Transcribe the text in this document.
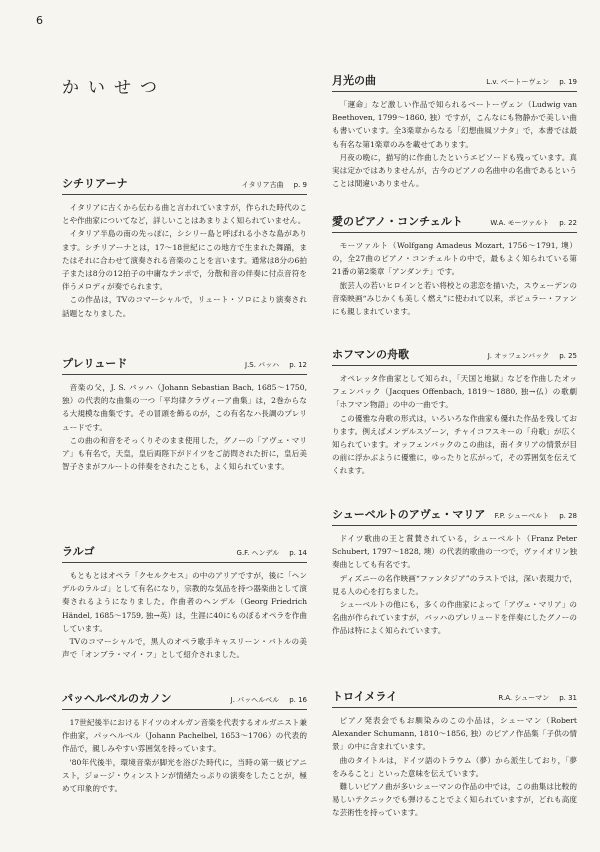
6
かいせつ
シチリアーナ	イタリア古曲 p. 9

イタリアに古くから伝わる曲と言われていますが，作られた時代のことや作曲家についてなど，詳しいことはあまりよく知られていません。

イタリア半島の南の先っぽに，シシリー島と呼ばれる小さな島があります。シチリアーナとは，17～18世紀にこの地方で生まれた舞踊，またはそれに合わせて演奏される音楽のことを言います。通常は8分の6拍子または8分の12拍子の中庸なテンポで，分散和音の伴奏に付点音符を伴うメロディが奏でられます。

この作品は，TVのコマーシャルで，リュート・ソロにより演奏され話題となりました。

プレリュード	J.S. バッハ p. 12

音楽の父，J. S. バッハ（Johann Sebastian Bach, 1685～1750, 独）の代表的な曲集の一つ「平均律クラヴィーア曲集」は，2巻からなる大規模な曲集です。その冒頭を飾るのが，この有名なハ長調のプレリュードです。

この曲の和音をそっくりそのまま使用した，グノーの「アヴェ・マリア」も有名で，天皇，皇后両陛下がドイツをご訪問された折に，皇后美智子さまがフルートの伴奏をされたことも，よく知られています。

ラルゴ	G.F. ヘンデル p. 14

もともとはオペラ「クセルクセス」の中のアリアですが，後に「ヘンデルのラルゴ」として有名になり，宗教的な気品を持つ器楽曲として演奏されるようになりました。作曲者のヘンデル（Georg Friedrich Händel, 1685～1759, 独→英）は，生涯に40にものぼるオペラを作曲しています。

TVのコマーシャルで，黒人のオペラ歌手キャスリーン・バトルの美声で「オンブラ・マイ・フ」として紹介されました。

パッヘルベルのカノン	J. パッヘルベル p. 16

17世紀後半におけるドイツのオルガン音楽を代表するオルガニスト兼作曲家，パッヘルベル（Johann Pachelbel, 1653～1706）の代表的作品で，親しみやすい雰囲気を持っています。

'80年代後半，環境音楽が脚光を浴びた時代に，当時の第一級ピアニスト，ジョージ・ウィンストンが情緒たっぷりの演奏をしたことが，極めて印象的です。

月光の曲	L.v. ベートーヴェン p. 19

「運命」など激しい作品で知られるベートーヴェン（Ludwig van Beethoven, 1799～1860, 独）ですが，こんなにも物静かで美しい曲も書いています。全3楽章からなる「幻想曲風ソナタ」で，本書では最も有名な第1楽章のみを載せてあります。

月夜の晩に，描写的に作曲したというエピソードも残っています。真実は定かではありませんが，古今のピアノの名曲中の名曲であるということは間違いありません。

愛のピアノ・コンチェルト	W.A. モーツァルト p. 22

モーツァルト（Wolfgang Amadeus Mozart, 1756～1791, 墺）の，全27曲のピアノ・コンチェルトの中で，最もよく知られている第21番の第2楽章「アンダンテ」です。

旅芸人の若いヒロインと若い将校との悲恋を描いた，スウェーデンの音楽映画“みじかくも美しく燃え”に使われて以来，ポピュラー・ファンにも親しまれています。

ホフマンの舟歌	J. オッフェンバック p. 25

オペレッタ作曲家として知られ，「天国と地獄」などを作曲したオッフェンバック（Jacques Offenbach, 1819～1880, 独→仏）の歌劇「ホフマン物語」の中の一曲です。

この優雅な舟歌の形式は，いろいろな作曲家も優れた作品を残しております。例えばメンデルスゾーン，チャイコフスキーの「舟歌」が広く知られています。オッフェンバックのこの曲は，南イタリアの情景が目の前に浮かぶように優雅に，ゆったりと広がって，その雰囲気を伝えてくれます。

シューベルトのアヴェ・マリア	F.P. シューベルト p. 28

ドイツ歌曲の王と賞賛されている，シューベルト（Franz Peter Schubert, 1797～1828, 墺）の代表的歌曲の一つで，ヴァイオリン独奏曲としても有名です。

ディズニーの名作映画“ファンタジア”のラストでは，深い表現力で，見る人の心を打ちました。

シューベルトの他にも，多くの作曲家によって「アヴェ・マリア」の名曲が作られていますが，バッハのプレリュードを伴奏にしたグノーの作品は特によく知られています。

トロイメライ	R.A. シューマン p. 31

ピアノ発表会でもお馴染みのこの小品は，シューマン（Robert Alexander Schumann, 1810～1856, 独）のピアノ作品集「子供の情景」の中に含まれています。

曲のタイトルは，ドイツ語のトラウム（夢）から派生しており，「夢をみること」といった意味を伝えています。

難しいピアノ曲が多いシューマンの作品の中では，この曲集は比較的易しいテクニックでも弾けることでよく知られていますが，どれも高度な芸術性を持っています。
